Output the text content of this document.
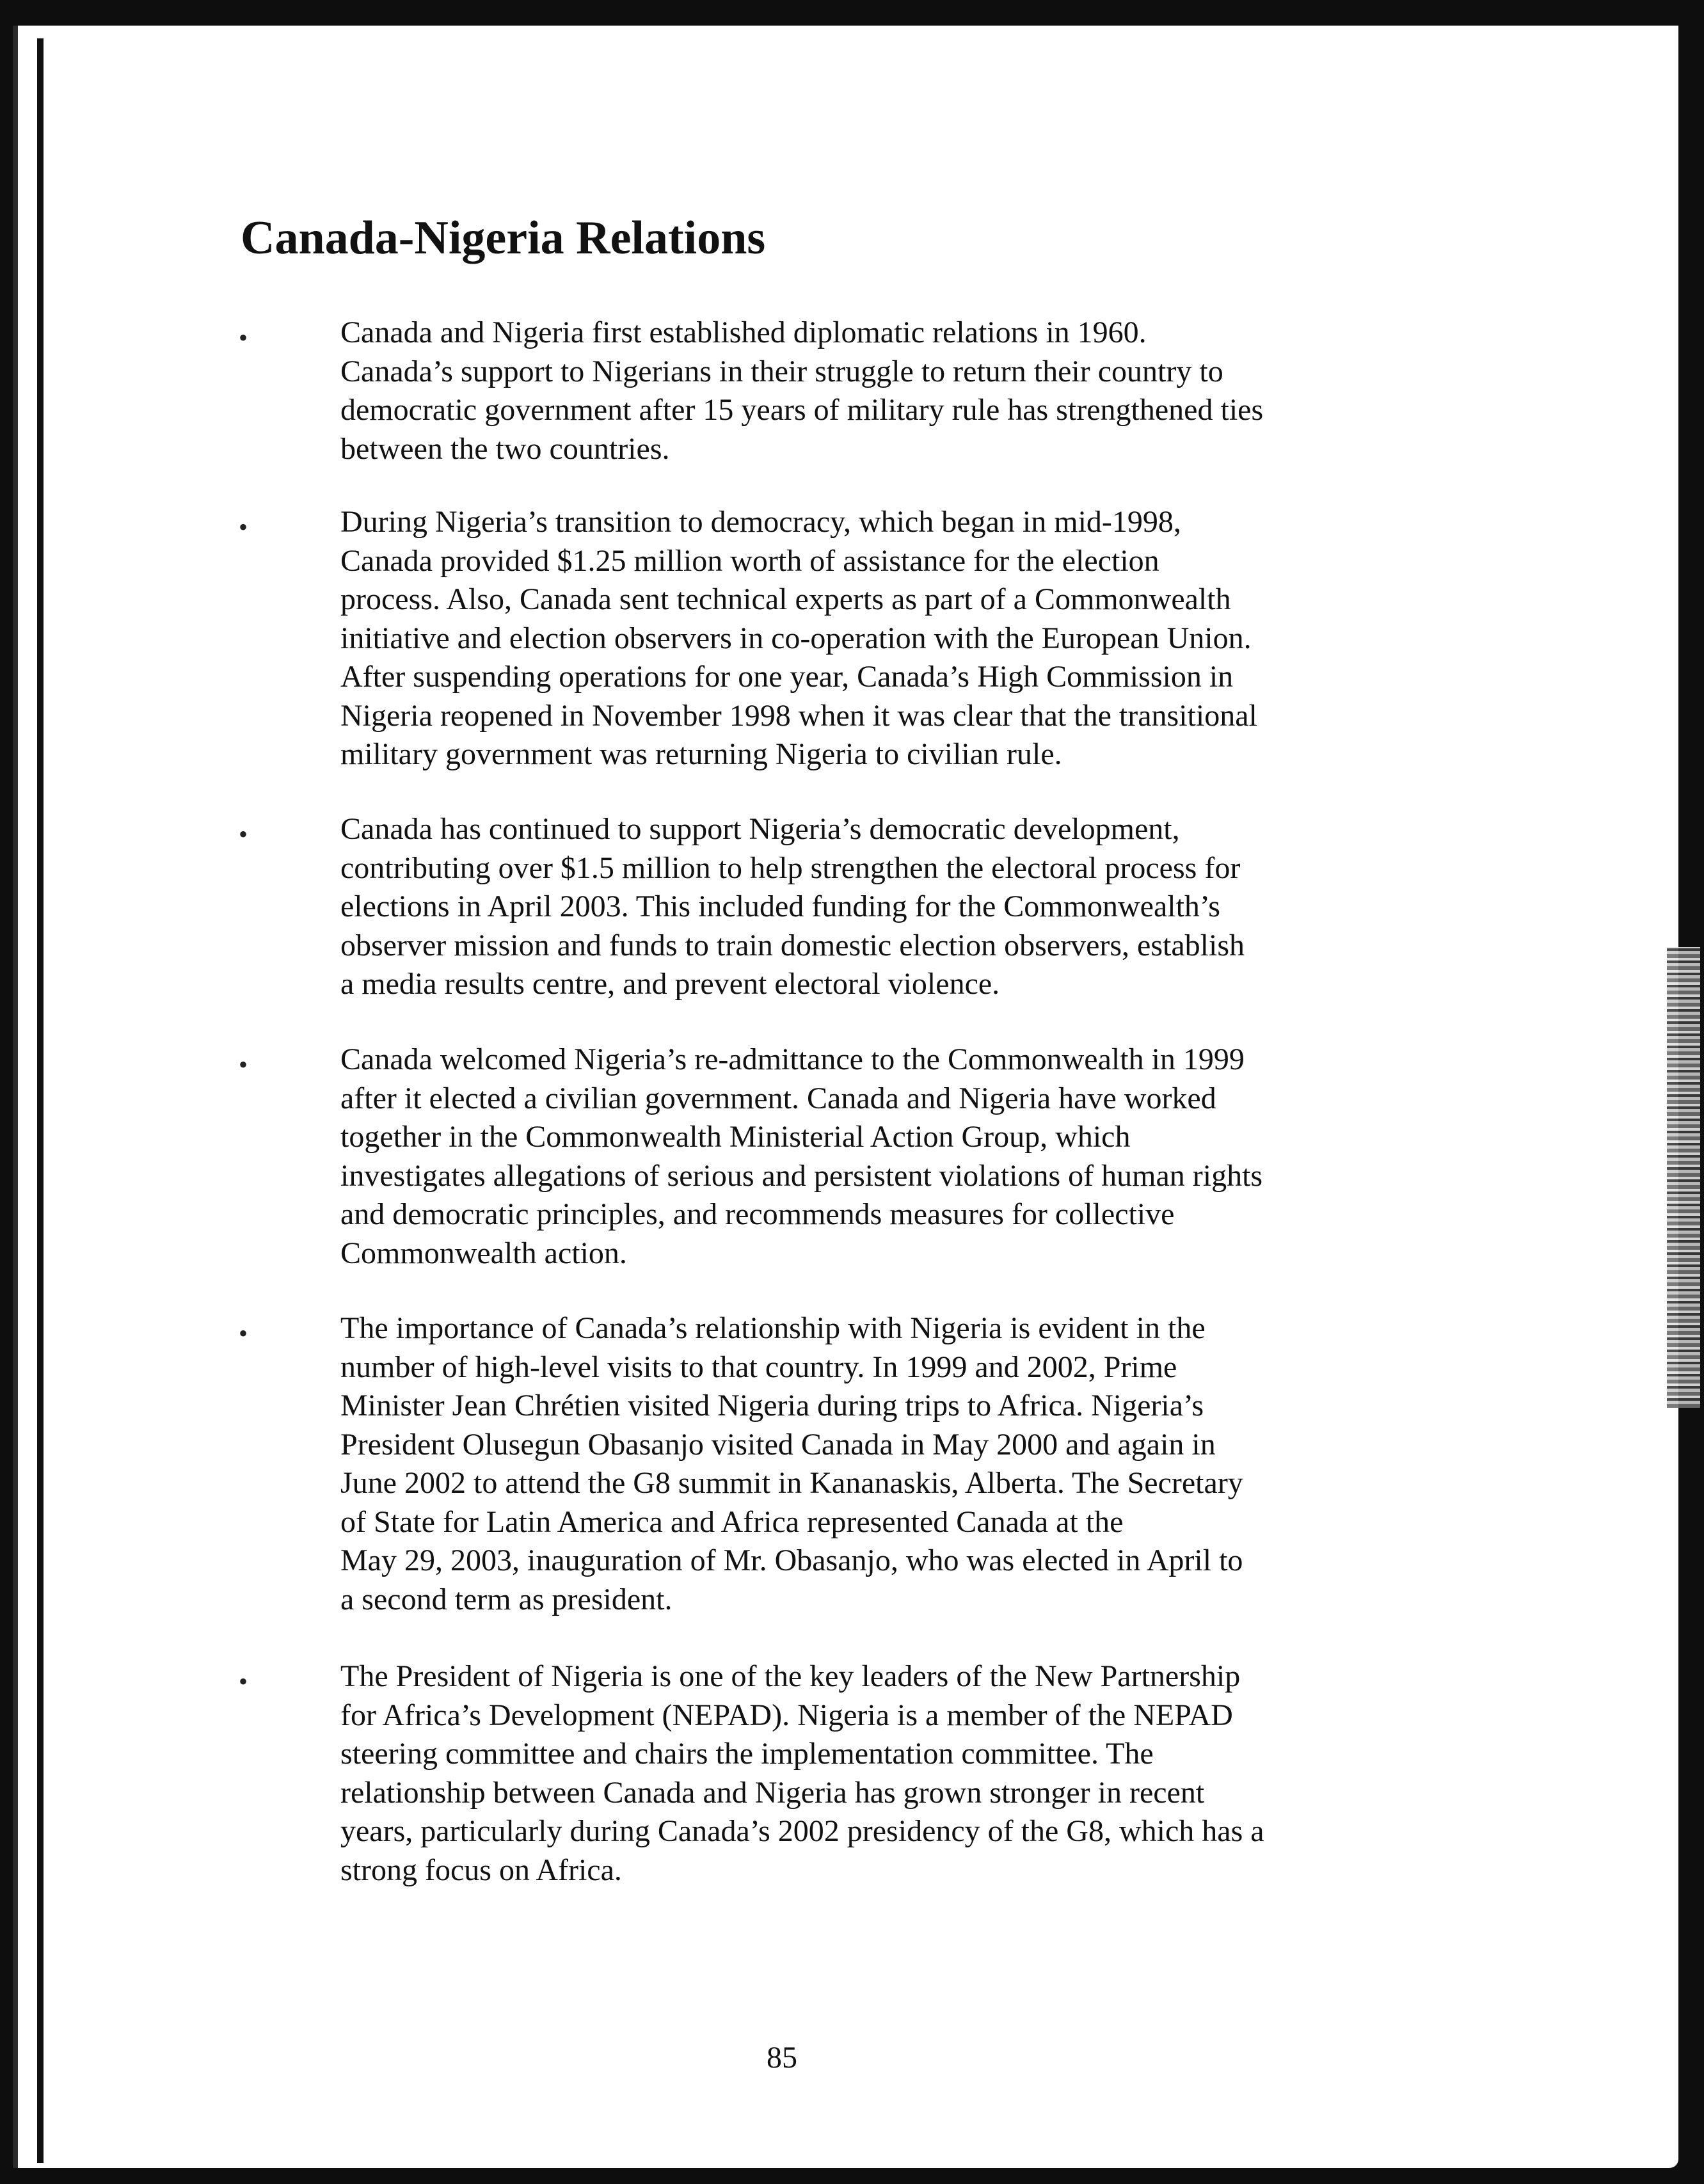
Canada-Nigeria Relations
•	Canada and Nigeria first established diplomatic relations in 1960.
Canada’s support to Nigerians in their struggle to return their country to
democratic government after 15 years of military rule has strengthened ties
between the two countries.

•	During Nigeria’s transition to democracy, which began in mid-1998,
Canada provided $1.25 million worth of assistance for the election
process. Also, Canada sent technical experts as part of a Commonwealth
initiative and election observers in co-operation with the European Union.
After suspending operations for one year, Canada’s High Commission in
Nigeria reopened in November 1998 when it was clear that the transitional
military government was returning Nigeria to civilian rule.

•	Canada has continued to support Nigeria’s democratic development,
contributing over $1.5 million to help strengthen the electoral process for
elections in April 2003. This included funding for the Commonwealth’s
observer mission and funds to train domestic election observers, establish
a media results centre, and prevent electoral violence.

•	Canada welcomed Nigeria’s re-admittance to the Commonwealth in 1999
after it elected a civilian government. Canada and Nigeria have worked
together in the Commonwealth Ministerial Action Group, which
investigates allegations of serious and persistent violations of human rights
and democratic principles, and recommends measures for collective
Commonwealth action.

•	The importance of Canada’s relationship with Nigeria is evident in the
number of high-level visits to that country. In 1999 and 2002, Prime
Minister Jean Chrétien visited Nigeria during trips to Africa. Nigeria’s
President Olusegun Obasanjo visited Canada in May 2000 and again in
June 2002 to attend the G8 summit in Kananaskis, Alberta. The Secretary
of State for Latin America and Africa represented Canada at the
May 29, 2003, inauguration of Mr. Obasanjo, who was elected in April to
a second term as president.

•	The President of Nigeria is one of the key leaders of the New Partnership
for Africa’s Development (NEPAD). Nigeria is a member of the NEPAD
steering committee and chairs the implementation committee. The
relationship between Canada and Nigeria has grown stronger in recent
years, particularly during Canada’s 2002 presidency of the G8, which has a
strong focus on Africa.

85
